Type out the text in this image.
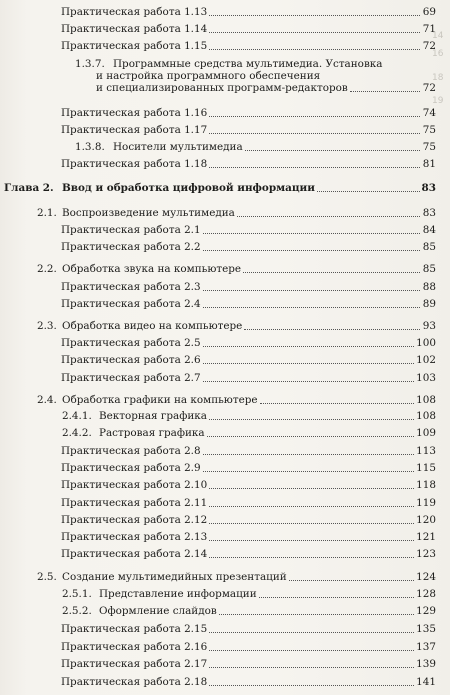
14
16
18
19
Практическая работа 1.13	69
Практическая работа 1.14	71
Практическая работа 1.15	72
1.3.7. Программные средства мультимедиа. Установка
и настройка программного обеспечения
и специализированных программ-редакторов	72
Практическая работа 1.16	74
Практическая работа 1.17	75
1.3.8. Носители мультимедиа	75
Практическая работа 1.18	81
Глава 2. Ввод и обработка цифровой информации	83
2.1. Воспроизведение мультимедиа	83
Практическая работа 2.1	84
Практическая работа 2.2	85
2.2. Обработка звука на компьютере	85
Практическая работа 2.3	88
Практическая работа 2.4	89
2.3. Обработка видео на компьютере	93
Практическая работа 2.5	100
Практическая работа 2.6	102
Практическая работа 2.7	103
2.4. Обработка графики на компьютере	108
2.4.1. Векторная графика	108
2.4.2. Растровая графика	109
Практическая работа 2.8	113
Практическая работа 2.9	115
Практическая работа 2.10	118
Практическая работа 2.11	119
Практическая работа 2.12	120
Практическая работа 2.13	121
Практическая работа 2.14	123
2.5. Создание мультимедийных презентаций	124
2.5.1. Представление информации	128
2.5.2. Оформление слайдов	129
Практическая работа 2.15	135
Практическая работа 2.16	137
Практическая работа 2.17	139
Практическая работа 2.18	141
